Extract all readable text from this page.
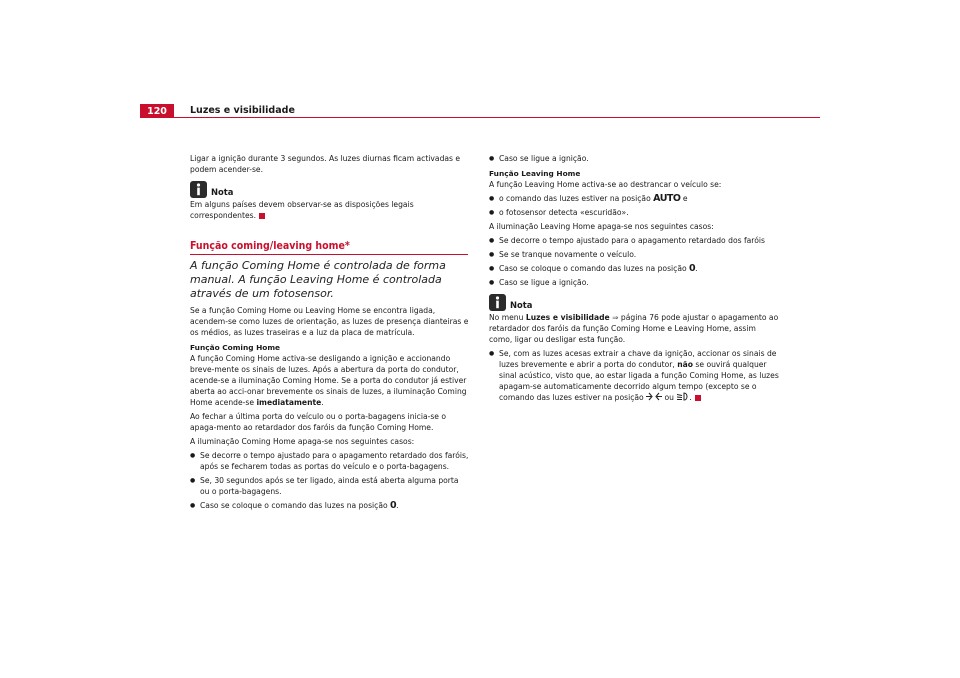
120	Luzes e visibilidade

Ligar a ignição durante 3 segundos. As luzes diurnas ficam activadas e podem acender-se.

Nota

Em alguns países devem observar-se as disposições legais correspondentes.

Função coming/leaving home*
A função Coming Home é controlada de forma manual. A função Leaving Home é controlada através de um fotosensor.

Se a função Coming Home ou Leaving Home se encontra ligada, acendem-se como luzes de orientação, as luzes de presença dianteiras e os médios, as luzes traseiras e a luz da placa de matrícula.

Função Coming Home

A função Coming Home activa-se desligando a ignição e accionando breve-mente os sinais de luzes. Após a abertura da porta do condutor, acende-se a iluminação Coming Home. Se a porta do condutor já estiver aberta ao acci-onar brevemente os sinais de luzes, a iluminação Coming Home acende-se imediatamente.

Ao fechar a última porta do veículo ou o porta-bagagens inicia-se o apaga-mento ao retardador dos faróis da função Coming Home.

A iluminação Coming Home apaga-se nos seguintes casos:

● Se decorre o tempo ajustado para o apagamento retardado dos faróis, após se fecharem todas as portas do veículo e o porta-bagagens.

● Se, 30 segundos após se ter ligado, ainda está aberta alguma porta ou o porta-bagagens.

● Caso se coloque o comando das luzes na posição 0.

● Caso se ligue a ignição.

Função Leaving Home

A função Leaving Home activa-se ao destrancar o veículo se:

● o comando das luzes estiver na posição AUTO e

● o fotosensor detecta «escuridão».

A iluminação Leaving Home apaga-se nos seguintes casos:

● Se decorre o tempo ajustado para o apagamento retardado dos faróis

● Se se tranque novamente o veículo.

● Caso se coloque o comando das luzes na posição 0.

● Caso se ligue a ignição.

Nota

No menu Luzes e visibilidade ⇒ página 76 pode ajustar o apagamento ao retardador dos faróis da função Coming Home e Leaving Home, assim como, ligar ou desligar esta função.

● Se, com as luzes acesas extrair a chave da ignição, accionar os sinais de luzes brevemente e abrir a porta do condutor, não se ouvirá qualquer sinal acústico, visto que, ao estar ligada a função Coming Home, as luzes apagam-se automaticamente decorrido algum tempo (excepto se o comando das luzes estiver na posição  ou .
